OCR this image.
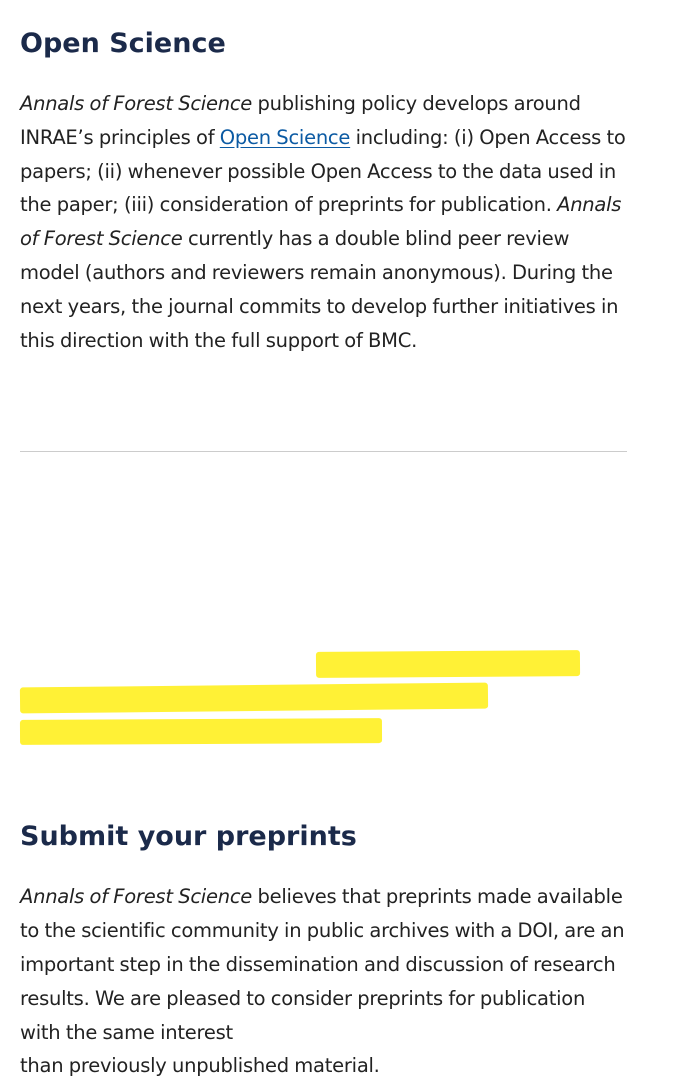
Open Science

Annals of Forest Science publishing policy develops around INRAE’s principles of Open Science including: (i) Open Access to papers; (ii) whenever possible Open Access to the data used in the paper; (iii) consideration of preprints for publication. Annals of Forest Science currently has a double blind peer review model (authors and reviewers remain anonymous). During the next years, the journal commits to develop further initiatives in this direction with the full support of BMC.

Submit your preprints

Annals of Forest Science believes that preprints made available to the scientific community in public archives with a DOI, are an important step in the dissemination and discussion of research results. We are pleased to consider preprints for publication with the same interest
than previously unpublished material.
